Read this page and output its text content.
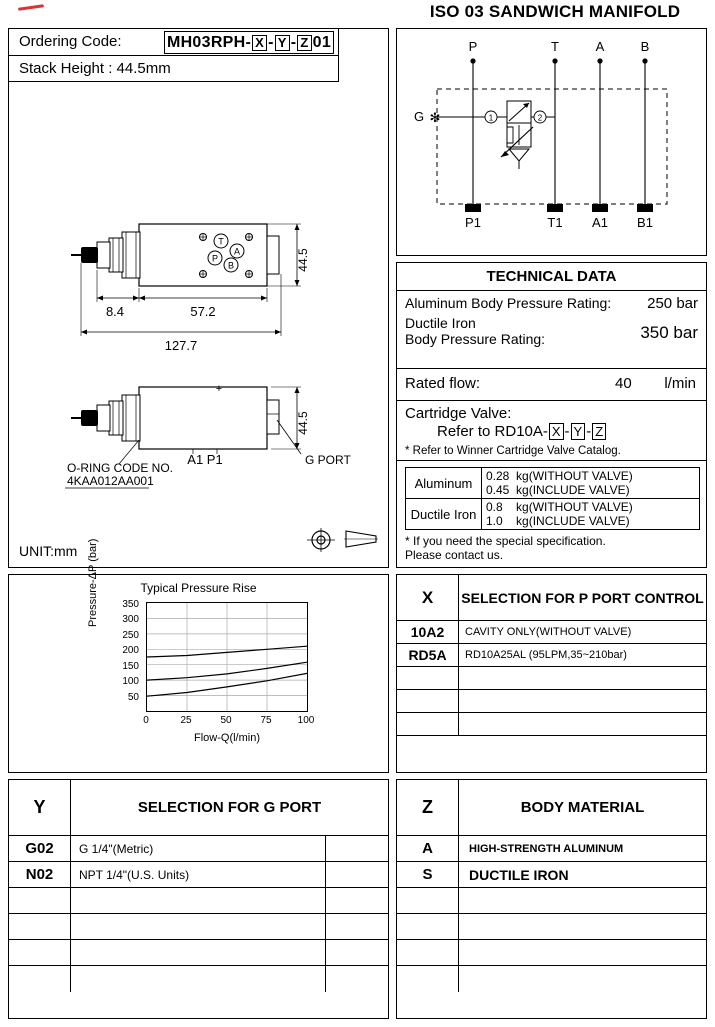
ISO 03 SANDWICH MANIFOLD
Ordering Code:	MH03RPH- X - Y - Z 01
Stack Height : 44.5mm
T
A
P
B	44.5
8.4	57.2
127.7
+
44.5
A1 P1	G PORT
O-RING CODE NO.
4KAA012AA001
UNIT:mm
P	T	A	B
1	2
G ✻
P1	T1 A1 B1
TECHNICAL DATA
Aluminum Body Pressure Rating: 250 bar
Ductile Iron
Body Pressure Rating:	350 bar
Rated flow:	40 l/min
Cartridge Valve:
Refer to RD10A- X - Y - Z
* Refer to Winner Cartridge Valve Catalog.
Aluminum	0.28  kg(WITHOUT VALVE)
0.45  kg(INCLUDE VALVE)
Ductile Iron 0.8    kg(WITHOUT VALVE)
1.0    kg(INCLUDE VALVE)
* If you need the special specification.
Please contact us.
Typical Pressure Rise
Pressure-ΔP (bar)	350
300
250
200
150
100
50
0	25	50	75	100
Flow-Q(l/min)
X	SELECTION FOR P PORT CONTROL
10A2	CAVITY ONLY(WITHOUT VALVE)
RD5A	RD10A25AL (95LPM,35~210bar)
Y	SELECTION FOR G PORT
G02	G 1/4"(Metric)
N02	NPT 1/4"(U.S. Units)
Z	BODY MATERIAL
A	HIGH-STRENGTH ALUMINUM
S	DUCTILE IRON
